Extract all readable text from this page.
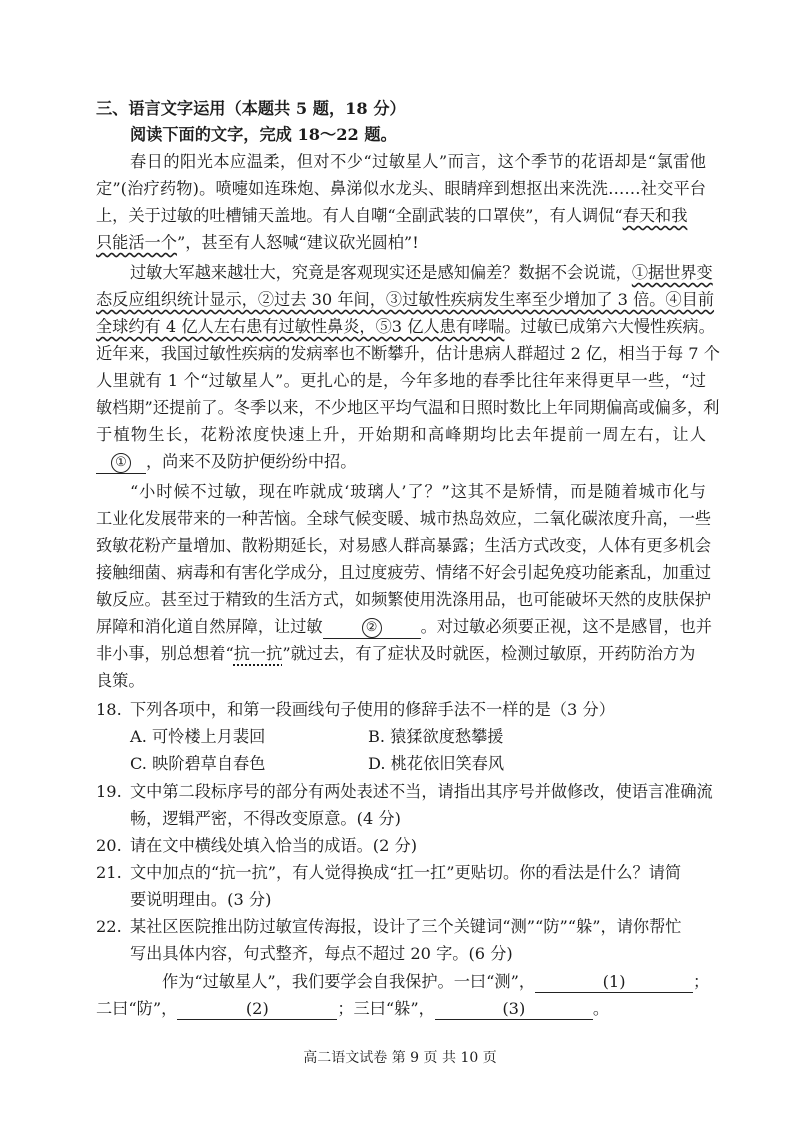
三、语言文字运用（本题共 5 题，18 分）
阅读下面的文字，完成 18～22 题。
春日的阳光本应温柔，但对不少“过敏星人”而言，这个季节的花语却是“氯雷他
定”(治疗药物)。喷嚏如连珠炮、鼻涕似水龙头、眼睛痒到想抠出来洗洗……社交平台
上，关于过敏的吐槽铺天盖地。有人自嘲“全副武装的口罩侠”，有人调侃“春天和我
只能活一个”，甚至有人怒喊“建议砍光圆柏”!
过敏大军越来越壮大，究竟是客观现实还是感知偏差？数据不会说谎，①据世界变
态反应组织统计显示，②过去 30 年间，③过敏性疾病发生率至少增加了 3 倍。④目前
全球约有 4 亿人左右患有过敏性鼻炎，⑤3 亿人患有哮喘。过敏已成第六大慢性疾病。
近年来，我国过敏性疾病的发病率也不断攀升，估计患病人群超过 2 亿，相当于每 7 个
人里就有 1 个“过敏星人”。更扎心的是，今年多地的春季比往年来得更早一些，“过
敏档期”还提前了。冬季以来，不少地区平均气温和日照时数比上年同期偏高或偏多，利
于植物生长，花粉浓度快速上升，开始期和高峰期均比去年提前一周左右，让人
① ，尚来不及防护便纷纷中招。
“小时候不过敏，现在咋就成‘玻璃人’了？”这其不是矫情，而是随着城市化与
工业化发展带来的一种苦恼。全球气候变暖、城市热岛效应，二氧化碳浓度升高，一些
致敏花粉产量增加、散粉期延长，对易感人群高暴露；生活方式改变，人体有更多机会
接触细菌、病毒和有害化学成分，且过度疲劳、情绪不好会引起免疫功能紊乱，加重过
敏反应。甚至过于精致的生活方式，如频繁使用洗涤用品，也可能破坏天然的皮肤保护
屏障和消化道自然屏障，让过敏	②	。对过敏必须要正视，这不是感冒，也并
非小事，别总想着“抗一抗”就过去，有了症状及时就医，检测过敏原，开药防治方为
良策。
18. 下列各项中，和第一段画线句子使用的修辞手法不一样的是（3 分）
A. 可怜楼上月裴回	B. 猿猱欲度愁攀援
C. 映阶碧草自春色	D. 桃花依旧笑春风
19. 文中第二段标序号的部分有两处表述不当，请指出其序号并做修改，使语言准确流
畅，逻辑严密，不得改变原意。(4 分)
20. 请在文中横线处填入恰当的成语。(2 分)
21. 文中加点的“抗一抗”，有人觉得换成“扛一扛”更贴切。你的看法是什么？请简
要说明理由。(3 分)
22. 某社区医院推出防过敏宣传海报，设计了三个关键词“测”“防”“躲”，请你帮忙
写出具体内容，句式整齐，每点不超过 20 字。(6 分)
作为“过敏星人”，我们要学会自我保护。一曰“测”，	(1)	；
二曰“防”，	(2)	；三曰“躲”，	(3)	。
高二语文试卷 第 9 页 共 10 页
